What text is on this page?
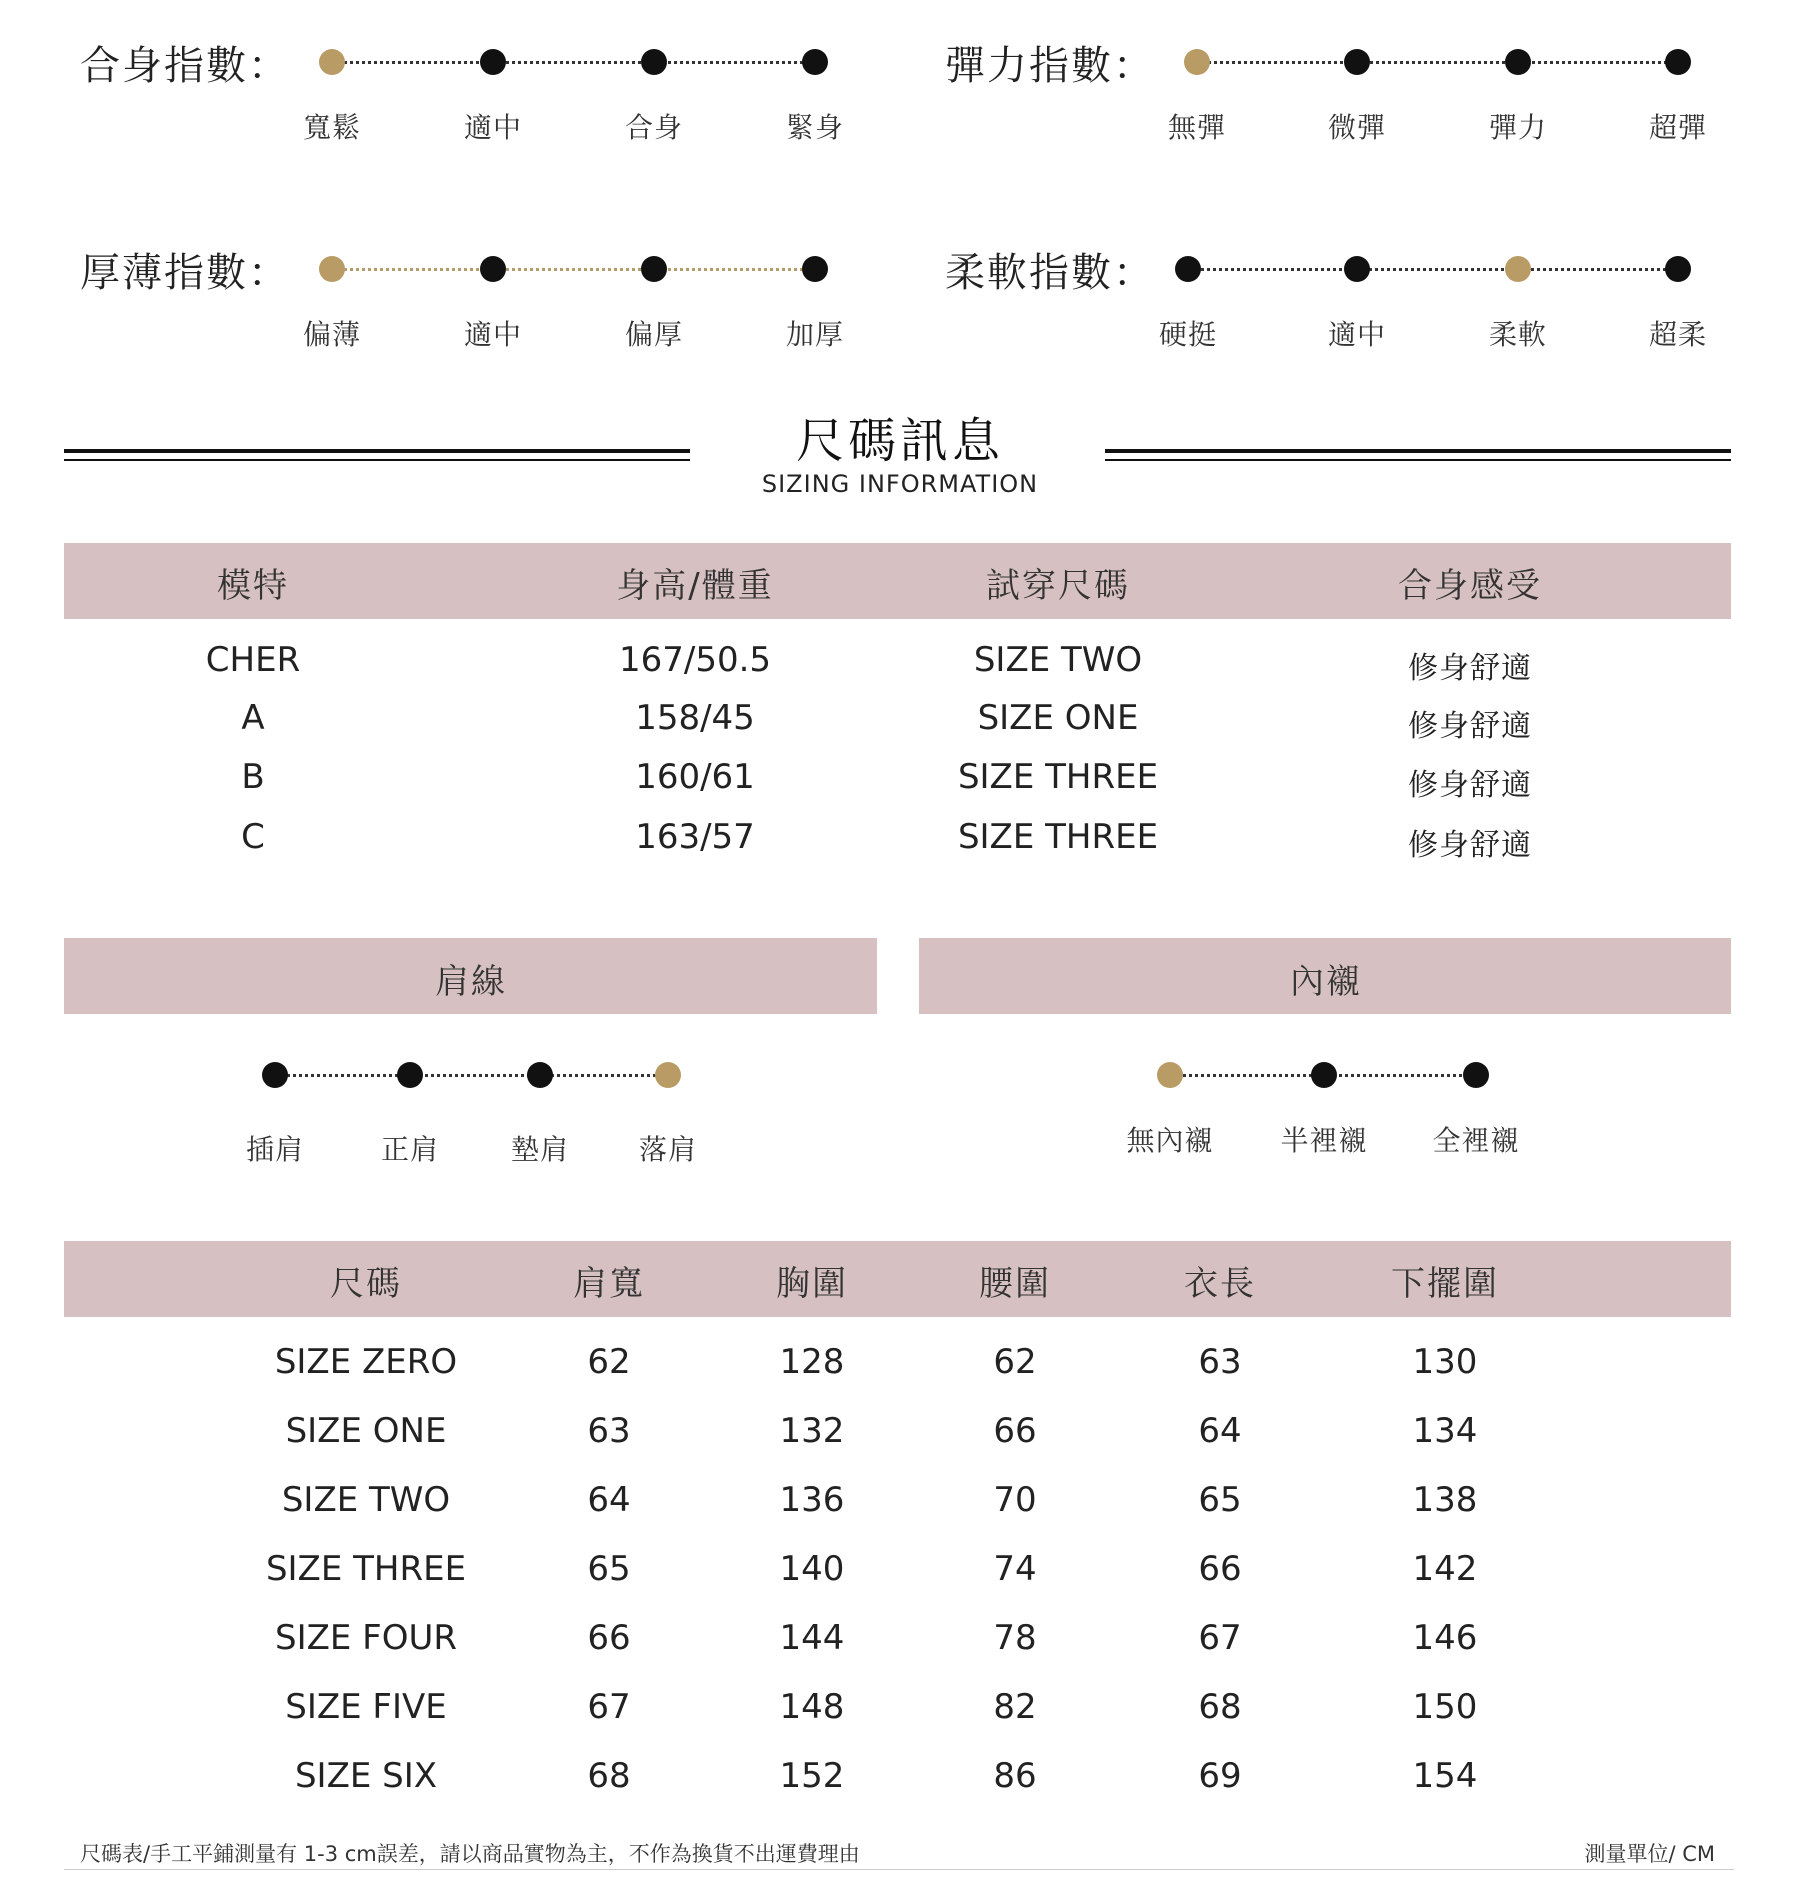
合身指數：
寬鬆	適中	合身	緊身
彈力指數：
無彈	微彈	彈力	超彈
厚薄指數：
偏薄	適中	偏厚	加厚
柔軟指數：
硬挺	適中	柔軟	超柔
尺碼訊息
SIZING INFORMATION
模特	身高/體重	試穿尺碼	合身感受
CHER	167/50.5	SIZE TWO	修身舒適
A	158/45	SIZE ONE	修身舒適
B	160/61	SIZE THREE	修身舒適
C	163/57	SIZE THREE	修身舒適
肩線	內襯
插肩	正肩	墊肩 落肩	無內襯 半裡襯 全裡襯
尺碼	肩寬	胸圍	腰圍	衣長	下擺圍
SIZE ZERO	62	128	62	63	130
SIZE ONE	63	132	66	64	134
SIZE TWO	64	136	70	65	138
SIZE THREE	65	140	74	66	142
SIZE FOUR	66	144	78	67	146
SIZE FIVE	67	148	82	68	150
SIZE SIX	68	152	86	69	154
尺碼表/手工平鋪測量有 1-3 cm誤差，請以商品實物為主，不作為換貨不出運費理由	測量單位/ CM
